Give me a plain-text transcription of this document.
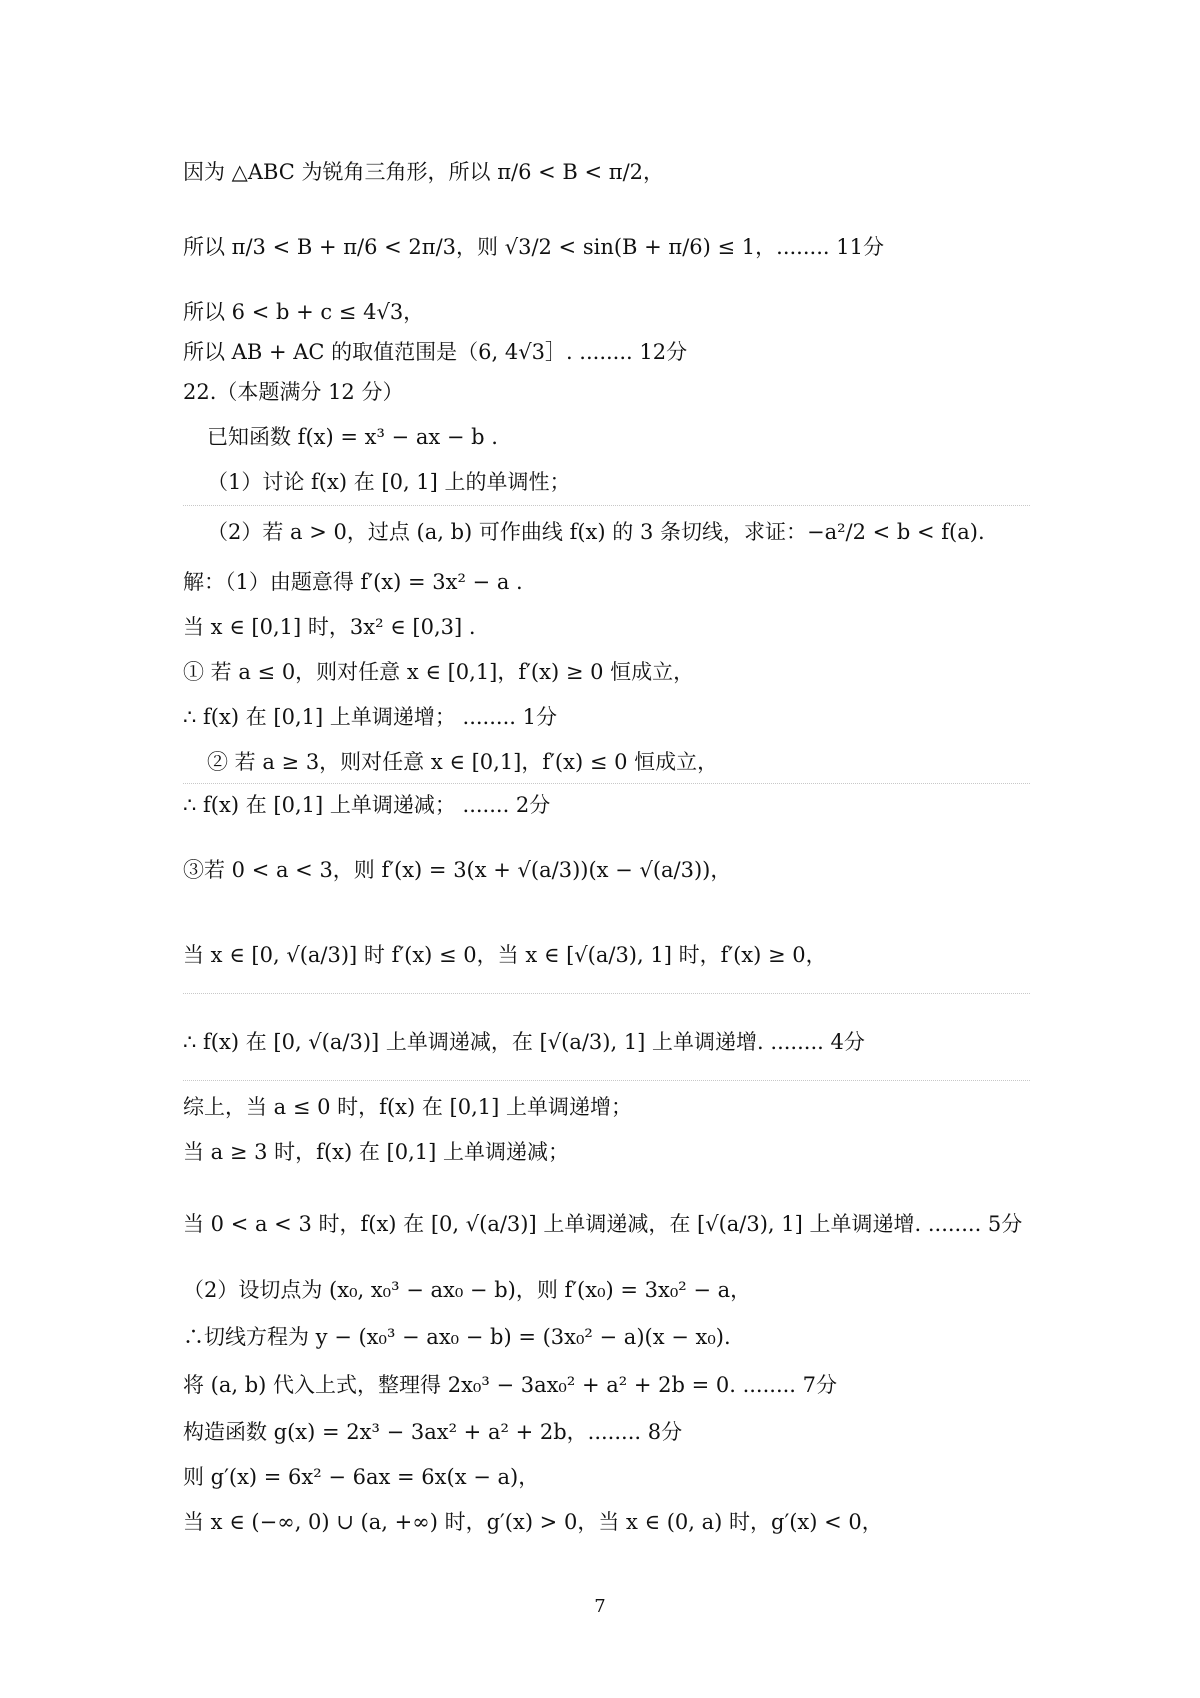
因为 △ABC 为锐角三角形，所以 π/6 < B < π/2，
所以 π/3 < B + π/6 < 2π/3，则 √3/2 < sin(B + π/6) ≤ 1，........ 11分
所以 6 < b + c ≤ 4√3，
所以 AB + AC 的取值范围是（6, 4√3］. ........ 12分
22.（本题满分 12 分）
已知函数 f(x) = x³ − ax − b .
（1）讨论 f(x) 在 [0, 1] 上的单调性；
（2）若 a > 0，过点 (a, b) 可作曲线 f(x) 的 3 条切线，求证：−a²/2 < b < f(a).
解：（1）由题意得 f′(x) = 3x² − a .
当 x ∈ [0,1] 时，3x² ∈ [0,3] .
① 若 a ≤ 0，则对任意 x ∈ [0,1]，f′(x) ≥ 0 恒成立，
∴ f(x) 在 [0,1] 上单调递增； ........ 1分
② 若 a ≥ 3，则对任意 x ∈ [0,1]，f′(x) ≤ 0 恒成立，
∴ f(x) 在 [0,1] 上单调递减； ....... 2分
③若 0 < a < 3，则 f′(x) = 3(x + √(a/3))(x − √(a/3))，
当 x ∈ [0, √(a/3)] 时 f′(x) ≤ 0，当 x ∈ [√(a/3), 1] 时，f′(x) ≥ 0，
∴ f(x) 在 [0, √(a/3)] 上单调递减，在 [√(a/3), 1] 上单调递增. ........ 4分
综上，当 a ≤ 0 时，f(x) 在 [0,1] 上单调递增；
当 a ≥ 3 时，f(x) 在 [0,1] 上单调递减；
当 0 < a < 3 时，f(x) 在 [0, √(a/3)] 上单调递减，在 [√(a/3), 1] 上单调递增. ........ 5分
（2）设切点为 (x₀, x₀³ − ax₀ − b)，则 f′(x₀) = 3x₀² − a，
∴切线方程为 y − (x₀³ − ax₀ − b) = (3x₀² − a)(x − x₀).
将 (a, b) 代入上式，整理得 2x₀³ − 3ax₀² + a² + 2b = 0. ........ 7分
构造函数 g(x) = 2x³ − 3ax² + a² + 2b，........ 8分
则 g′(x) = 6x² − 6ax = 6x(x − a)，
当 x ∈ (−∞, 0) ∪ (a, +∞) 时，g′(x) > 0，当 x ∈ (0, a) 时，g′(x) < 0，
7
